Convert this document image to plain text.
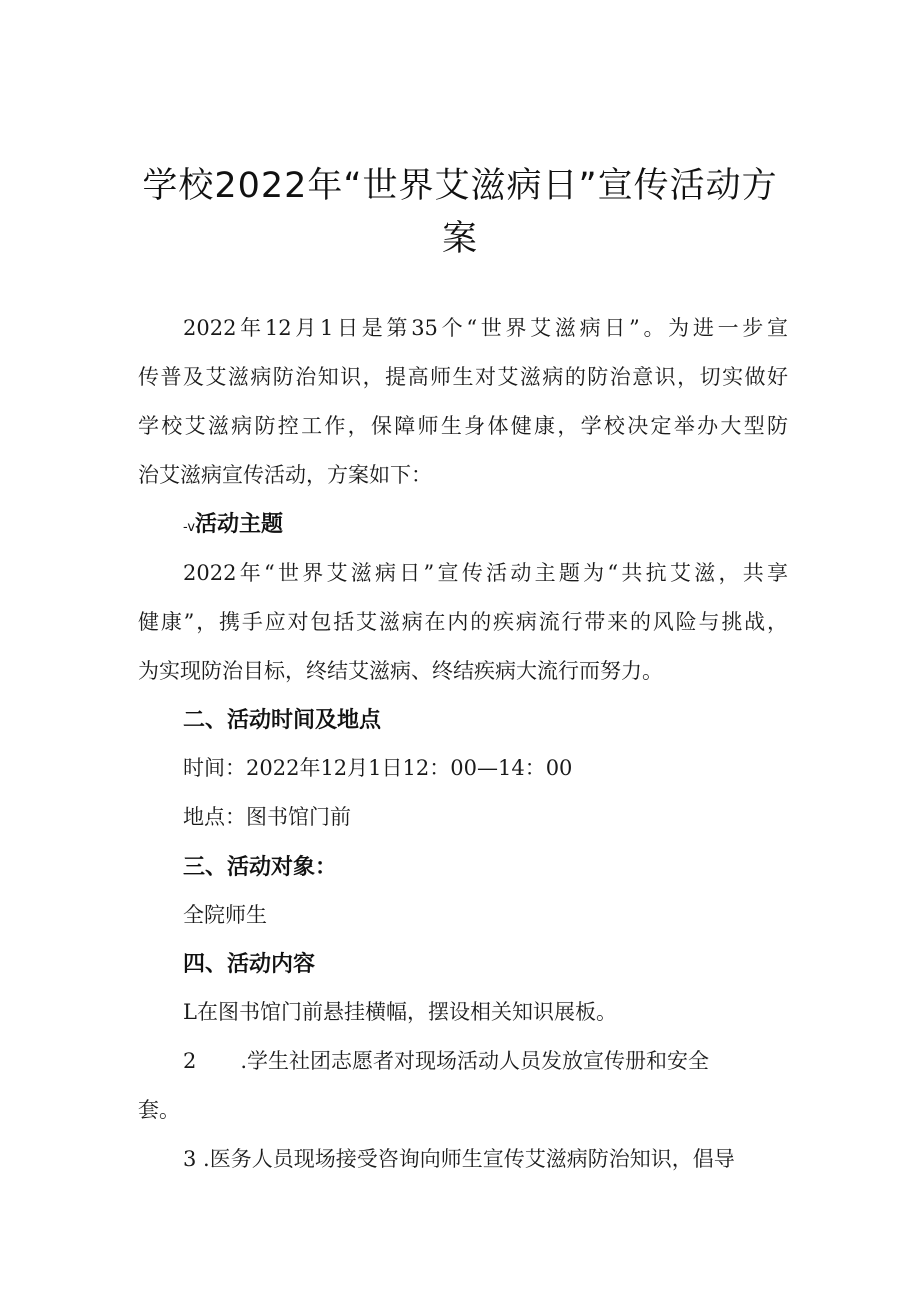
学校2022年“世界艾滋病日”宣传活动方
案
2022年12月1日是第35个“世界艾滋病日”。为进一步宣
传普及艾滋病防治知识，提高师生对艾滋病的防治意识，切实做好
学校艾滋病防控工作，保障师生身体健康，学校决定举办大型防
治艾滋病宣传活动，方案如下：
-v活动主题
2022年“世界艾滋病日”宣传活动主题为“共抗艾滋，共享
健康”，携手应对包括艾滋病在内的疾病流行带来的风险与挑战，
为实现防治目标，终结艾滋病、终结疾病大流行而努力。
二、活动时间及地点
时间：2022年12月1日12：00—14：00
地点：图书馆门前
三、活动对象：
全院师生
四、活动内容
L在图书馆门前悬挂横幅，摆设相关知识展板。
2 .学生社团志愿者对现场活动人员发放宣传册和安全
套。
3 .医务人员现场接受咨询向师生宣传艾滋病防治知识，倡导
